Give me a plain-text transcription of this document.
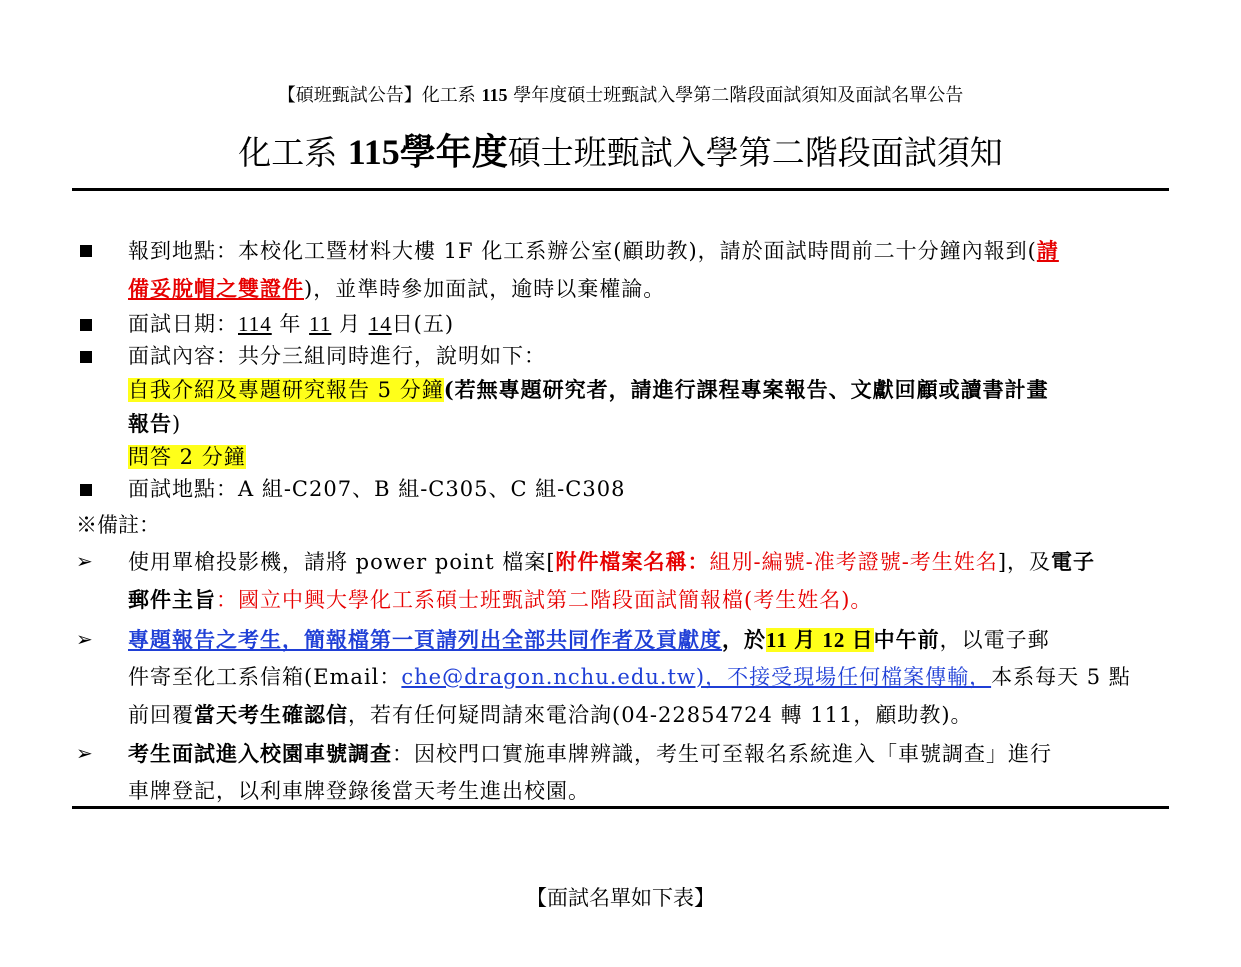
【碩班甄試公告】化工系 115 學年度碩士班甄試入學第二階段面試須知及面試名單公告
化工系 115學年度碩士班甄試入學第二階段面試須知
報到地點：本校化工暨材料大樓 1F 化工系辦公室(顧助教)，請於面試時間前二十分鐘內報到(請
備妥脫帽之雙證件)，並準時參加面試，逾時以棄權論。
面試日期：114 年 11 月 14日(五)
面試內容：共分三組同時進行，說明如下：
自我介紹及專題研究報告 5 分鐘(若無專題研究者，請進行課程專案報告、文獻回顧或讀書計畫
報告)
問答 2 分鐘
面試地點：A 組-C207、B 組-C305、C 組-C308
※備註：
➢ 使用單槍投影機，請將 power point 檔案[附件檔案名稱：組別-編號-准考證號-考生姓名]，及電子
郵件主旨：國立中興大學化工系碩士班甄試第二階段面試簡報檔(考生姓名)。
➢ 專題報告之考生，簡報檔第一頁請列出全部共同作者及貢獻度，於11 月 12 日中午前，以電子郵
件寄至化工系信箱(Email：che@dragon.nchu.edu.tw)，不接受現場任何檔案傳輸，本系每天 5 點
前回覆當天考生確認信，若有任何疑問請來電洽詢(04-22854724 轉 111，顧助教)。
➢ 考生面試進入校園車號調查：因校門口實施車牌辨識，考生可至報名系統進入「車號調查」進行
車牌登記，以利車牌登錄後當天考生進出校園。
【面試名單如下表】
